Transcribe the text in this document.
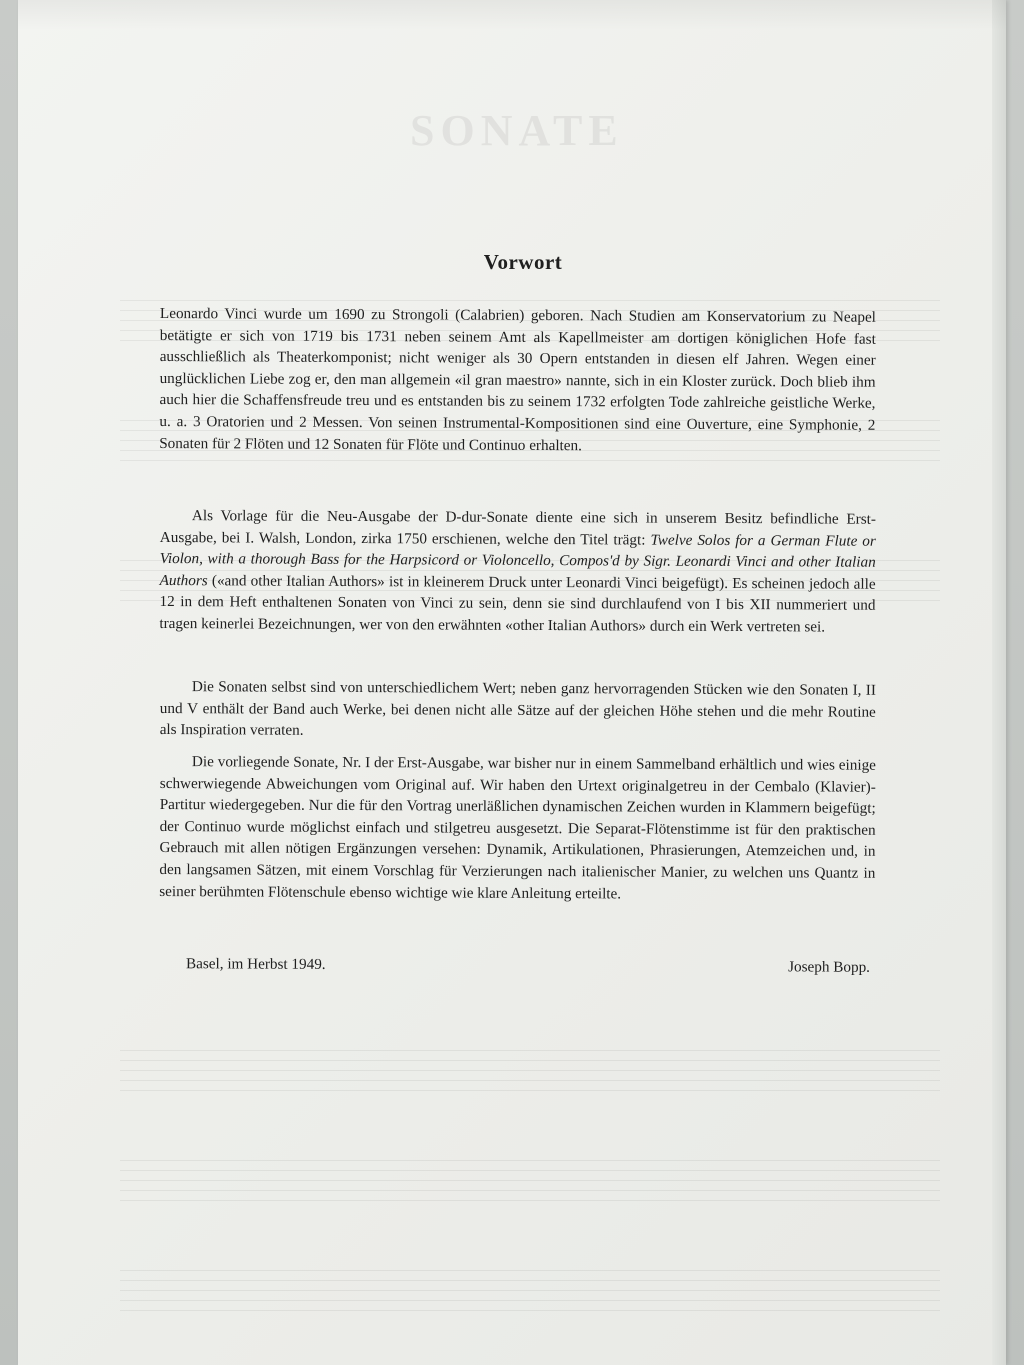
SONATE
Vorwort

Leonardo Vinci wurde um 1690 zu Strongoli (Calabrien) geboren. Nach Studien am Konservatorium zu Neapel betätigte er sich von 1719 bis 1731 neben seinem Amt als Kapellmeister am dortigen königlichen Hofe fast ausschließlich als Theaterkomponist; nicht weniger als 30 Opern entstanden in diesen elf Jahren. Wegen einer unglücklichen Liebe zog er, den man allgemein «il gran maestro» nannte, sich in ein Kloster zurück. Doch blieb ihm auch hier die Schaffensfreude treu und es entstanden bis zu seinem 1732 erfolgten Tode zahlreiche geistliche Werke, u. a. 3 Oratorien und 2 Messen. Von seinen Instrumental-Kompositionen sind eine Ouverture, eine Symphonie, 2 Sonaten für 2 Flöten und 12 Sonaten für Flöte und Continuo erhalten.

Als Vorlage für die Neu-Ausgabe der D-dur-Sonate diente eine sich in unserem Besitz befindliche Erst-Ausgabe, bei I. Walsh, London, zirka 1750 erschienen, welche den Titel trägt: Twelve Solos for a German Flute or Violon, with a thorough Bass for the Harpsicord or Violoncello, Compos'd by Sigr. Leonardi Vinci and other Italian Authors («and other Italian Authors» ist in kleinerem Druck unter Leonardi Vinci beigefügt). Es scheinen jedoch alle 12 in dem Heft enthaltenen Sonaten von Vinci zu sein, denn sie sind durchlaufend von I bis XII nummeriert und tragen keinerlei Bezeichnungen, wer von den erwähnten «other Italian Authors» durch ein Werk vertreten sei.

Die Sonaten selbst sind von unterschiedlichem Wert; neben ganz hervorragenden Stücken wie den Sonaten I, II und V enthält der Band auch Werke, bei denen nicht alle Sätze auf der gleichen Höhe stehen und die mehr Routine als Inspiration verraten.

Die vorliegende Sonate, Nr. I der Erst-Ausgabe, war bisher nur in einem Sammelband erhältlich und wies einige schwerwiegende Abweichungen vom Original auf. Wir haben den Urtext originalgetreu in der Cembalo (Klavier)-Partitur wiedergegeben. Nur die für den Vortrag unerläßlichen dynamischen Zeichen wurden in Klammern beigefügt; der Continuo wurde möglichst einfach und stilgetreu ausgesetzt. Die Separat-Flötenstimme ist für den praktischen Gebrauch mit allen nötigen Ergänzungen versehen: Dynamik, Artikulationen, Phrasierungen, Atemzeichen und, in den langsamen Sätzen, mit einem Vorschlag für Verzierungen nach italienischer Manier, zu welchen uns Quantz in seiner berühmten Flötenschule ebenso wichtige wie klare Anleitung erteilte.

Basel, im Herbst 1949.	Joseph Bopp.
